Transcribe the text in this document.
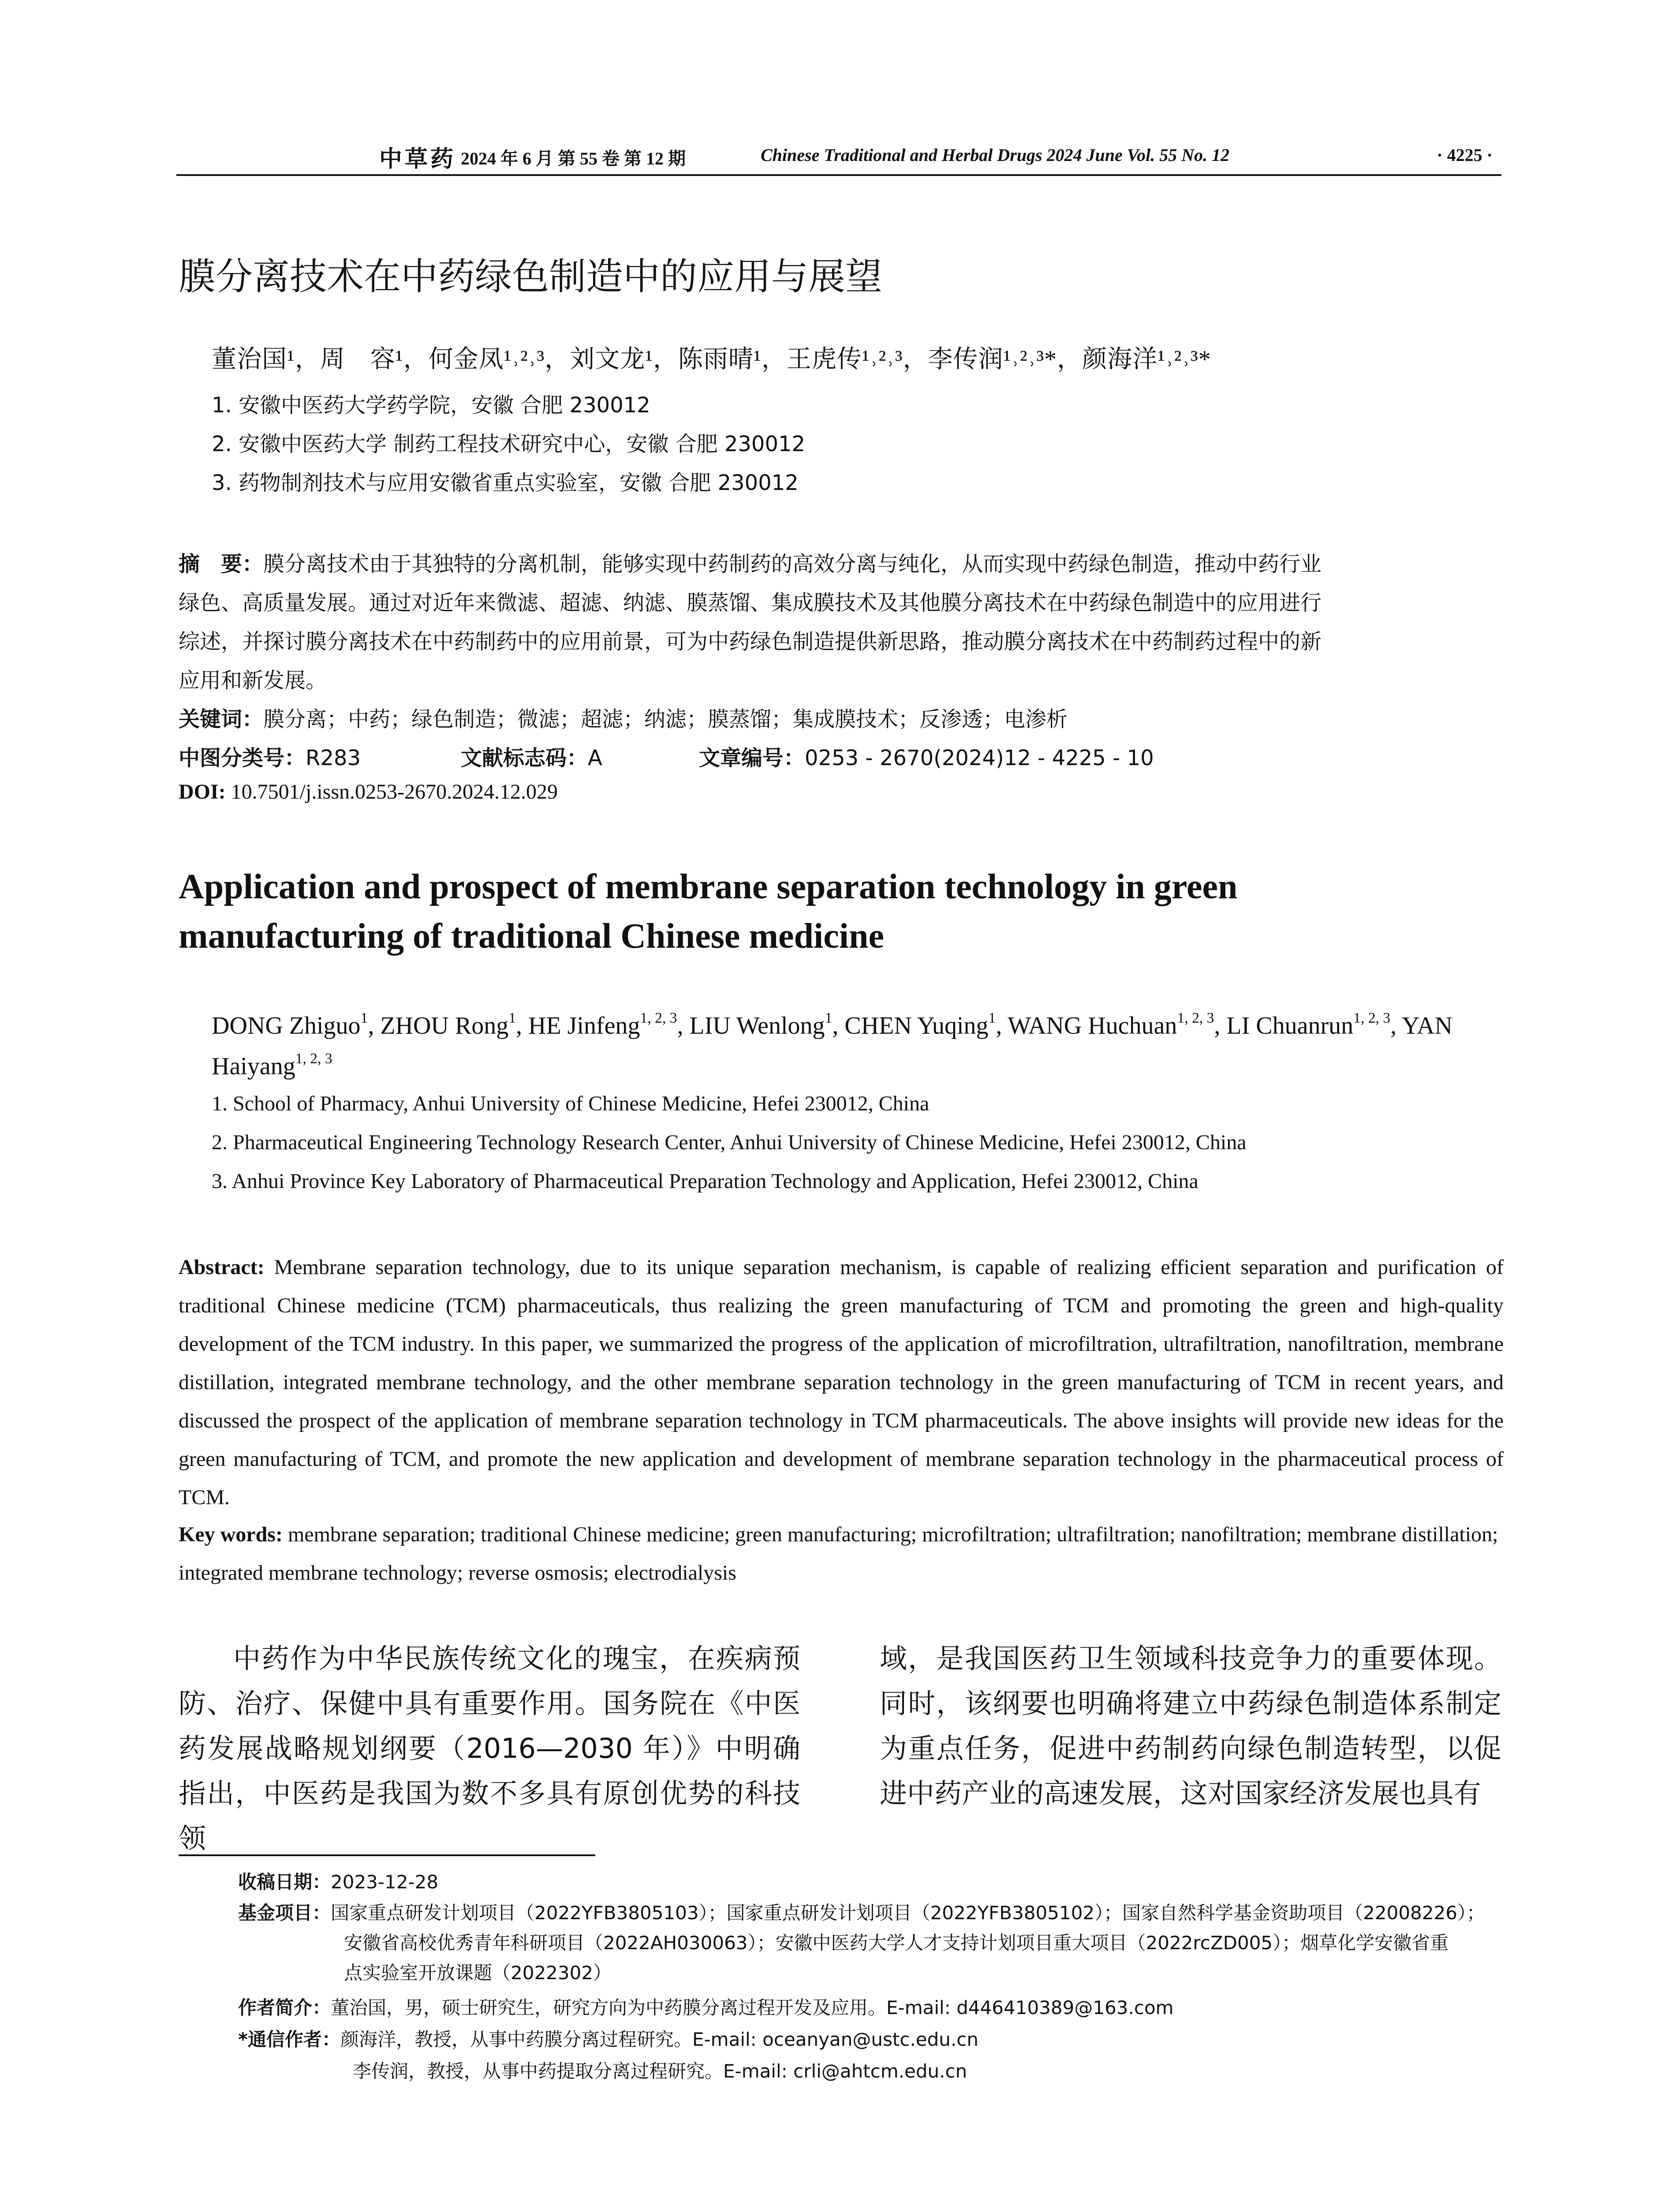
中草药 2024 年 6 月 第 55 卷 第 12 期	Chinese Traditional and Herbal Drugs 2024 June Vol. 55 No. 12	· 4225 ·
膜分离技术在中药绿色制造中的应用与展望
董治国¹，周　容¹，何金凤¹˒²˒³，刘文龙¹，陈雨晴¹，王虎传¹˒²˒³，李传润¹˒²˒³*，颜海洋¹˒²˒³*
1. 安徽中医药大学药学院，安徽 合肥 230012
2. 安徽中医药大学 制药工程技术研究中心，安徽 合肥 230012
3. 药物制剂技术与应用安徽省重点实验室，安徽 合肥 230012
摘　要：膜分离技术由于其独特的分离机制，能够实现中药制药的高效分离与纯化，从而实现中药绿色制造，推动中药行业
绿色、高质量发展。通过对近年来微滤、超滤、纳滤、膜蒸馏、集成膜技术及其他膜分离技术在中药绿色制造中的应用进行
综述，并探讨膜分离技术在中药制药中的应用前景，可为中药绿色制造提供新思路，推动膜分离技术在中药制药过程中的新
应用和新发展。
关键词：膜分离；中药；绿色制造；微滤；超滤；纳滤；膜蒸馏；集成膜技术；反渗透；电渗析
中图分类号：R283	文献标志码：A	文章编号：0253 - 2670(2024)12 - 4225 - 10
DOI: 10.7501/j.issn.0253-2670.2024.12.029
Application and prospect of membrane separation technology in green
manufacturing of traditional Chinese medicine
DONG Zhiguo$^1$, ZHOU Rong$^1$, HE Jinfeng$^{1, 2, 3}$, LIU Wenlong$^1$, CHEN Yuqing$^1$, WANG Huchuan$^{1, 2, 3}$, LI Chuanrun$^{1, 2, 3}$, YAN Haiyang$^{1, 2, 3}$
1. School of Pharmacy, Anhui University of Chinese Medicine, Hefei 230012, China
2. Pharmaceutical Engineering Technology Research Center, Anhui University of Chinese Medicine, Hefei 230012, China
3. Anhui Province Key Laboratory of Pharmaceutical Preparation Technology and Application, Hefei 230012, China
Abstract: Membrane separation technology, due to its unique separation mechanism, is capable of realizing efficient separation and purification of traditional Chinese medicine (TCM) pharmaceuticals, thus realizing the green manufacturing of TCM and promoting the green and high-quality development of the TCM industry. In this paper, we summarized the progress of the application of microfiltration, ultrafiltration, nanofiltration, membrane distillation, integrated membrane technology, and the other membrane separation technology in the green manufacturing of TCM in recent years, and discussed the prospect of the application of membrane separation technology in TCM pharmaceuticals. The above insights will provide new ideas for the green manufacturing of TCM, and promote the new application and development of membrane separation technology in the pharmaceutical process of TCM.
Key words: membrane separation; traditional Chinese medicine; green manufacturing; microfiltration; ultrafiltration; nanofiltration; membrane distillation; integrated membrane technology; reverse osmosis; electrodialysis
中药作为中华民族传统文化的瑰宝，在疾病预防、治疗、保健中具有重要作用。国务院在《中医药发展战略规划纲要（2016—2030 年）》中明确指出，中医药是我国为数不多具有原创优势的科技领
域，是我国医药卫生领域科技竞争力的重要体现。同时，该纲要也明确将建立中药绿色制造体系制定为重点任务，促进中药制药向绿色制造转型，以促进中药产业的高速发展，这对国家经济发展也具有
收稿日期：2023-12-28
基金项目：国家重点研发计划项目（2022YFB3805103）；国家重点研发计划项目（2022YFB3805102）；国家自然科学基金资助项目（22008226）；
安徽省高校优秀青年科研项目（2022AH030063）；安徽中医药大学人才支持计划项目重大项目（2022rcZD005）；烟草化学安徽省重
点实验室开放课题（2022302）
作者简介：董治国，男，硕士研究生，研究方向为中药膜分离过程开发及应用。E-mail: d446410389@163.com
*通信作者：颜海洋，教授，从事中药膜分离过程研究。E-mail: oceanyan@ustc.edu.cn
李传润，教授，从事中药提取分离过程研究。E-mail: crli@ahtcm.edu.cn
